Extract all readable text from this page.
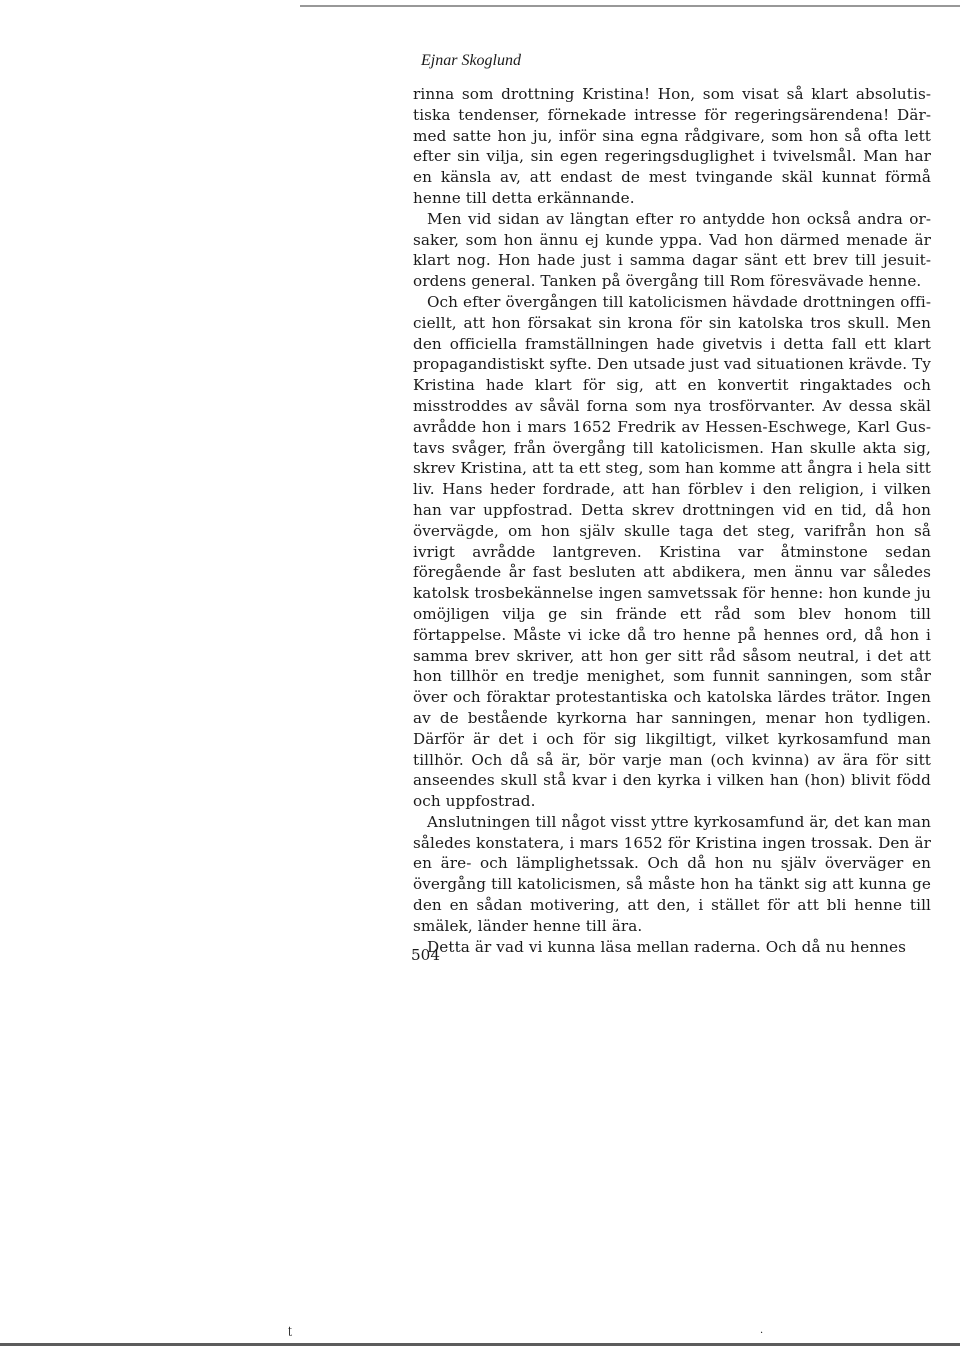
Ejnar Skoglund

rinna som drottning Kristina! Hon, som visat så klart absolutistiska tendenser, förnekade intresse för regeringsärendena! Därmed satte hon ju, inför sina egna rådgivare, som hon så ofta lett efter sin vilja, sin egen regeringsduglighet i tvivelsmål. Man har en känsla av, att endast de mest tvingande skäl kunnat förmå henne till detta erkännande.

Men vid sidan av längtan efter ro antydde hon också andra orsaker, som hon ännu ej kunde yppa. Vad hon därmed menade är klart nog. Hon hade just i samma dagar sänt ett brev till jesuitordens general. Tanken på övergång till Rom föresvävade henne.

Och efter övergången till katolicismen hävdade drottningen officiellt, att hon försakat sin krona för sin katolska tros skull. Men den officiella framställningen hade givetvis i detta fall ett klart propagandistiskt syfte. Den utsade just vad situationen krävde. Ty Kristina hade klart för sig, att en konvertit ringaktades och misstroddes av såväl forna som nya trosförvanter. Av dessa skäl avrådde hon i mars 1652 Fredrik av Hessen-Eschwege, Karl Gustavs svåger, från övergång till katolicismen. Han skulle akta sig, skrev Kristina, att ta ett steg, som han komme att ångra i hela sitt liv. Hans heder fordrade, att han förblev i den religion, i vilken han var uppfostrad. Detta skrev drottningen vid en tid, då hon övervägde, om hon själv skulle taga det steg, varifrån hon så ivrigt avrådde lantgreven. Kristina var åtminstone sedan föregående år fast besluten att abdikera, men ännu var således katolsk trosbekännelse ingen samvetssak för henne: hon kunde ju omöjligen vilja ge sin frände ett råd som blev honom till förtappelse. Måste vi icke då tro henne på hennes ord, då hon i samma brev skriver, att hon ger sitt råd såsom neutral, i det att hon tillhör en tredje menighet, som funnit sanningen, som står över och föraktar protestantiska och katolska lärdes trätor. Ingen av de bestående kyrkorna har sanningen, menar hon tydligen. Därför är det i och för sig likgiltigt, vilket kyrkosamfund man tillhör. Och då så är, bör varje man (och kvinna) av ära för sitt anseendes skull stå kvar i den kyrka i vilken han (hon) blivit född och uppfostrad.

Anslutningen till något visst yttre kyrkosamfund är, det kan man således konstatera, i mars 1652 för Kristina ingen trossak. Den är en äre- och lämplighetssak. Och då hon nu själv överväger en övergång till katolicismen, så måste hon ha tänkt sig att kunna ge den en sådan motivering, att den, i stället för att bli henne till smälek, länder henne till ära.

Detta är vad vi kunna läsa mellan raderna. Och då nu hennes

504
ʈ	·
